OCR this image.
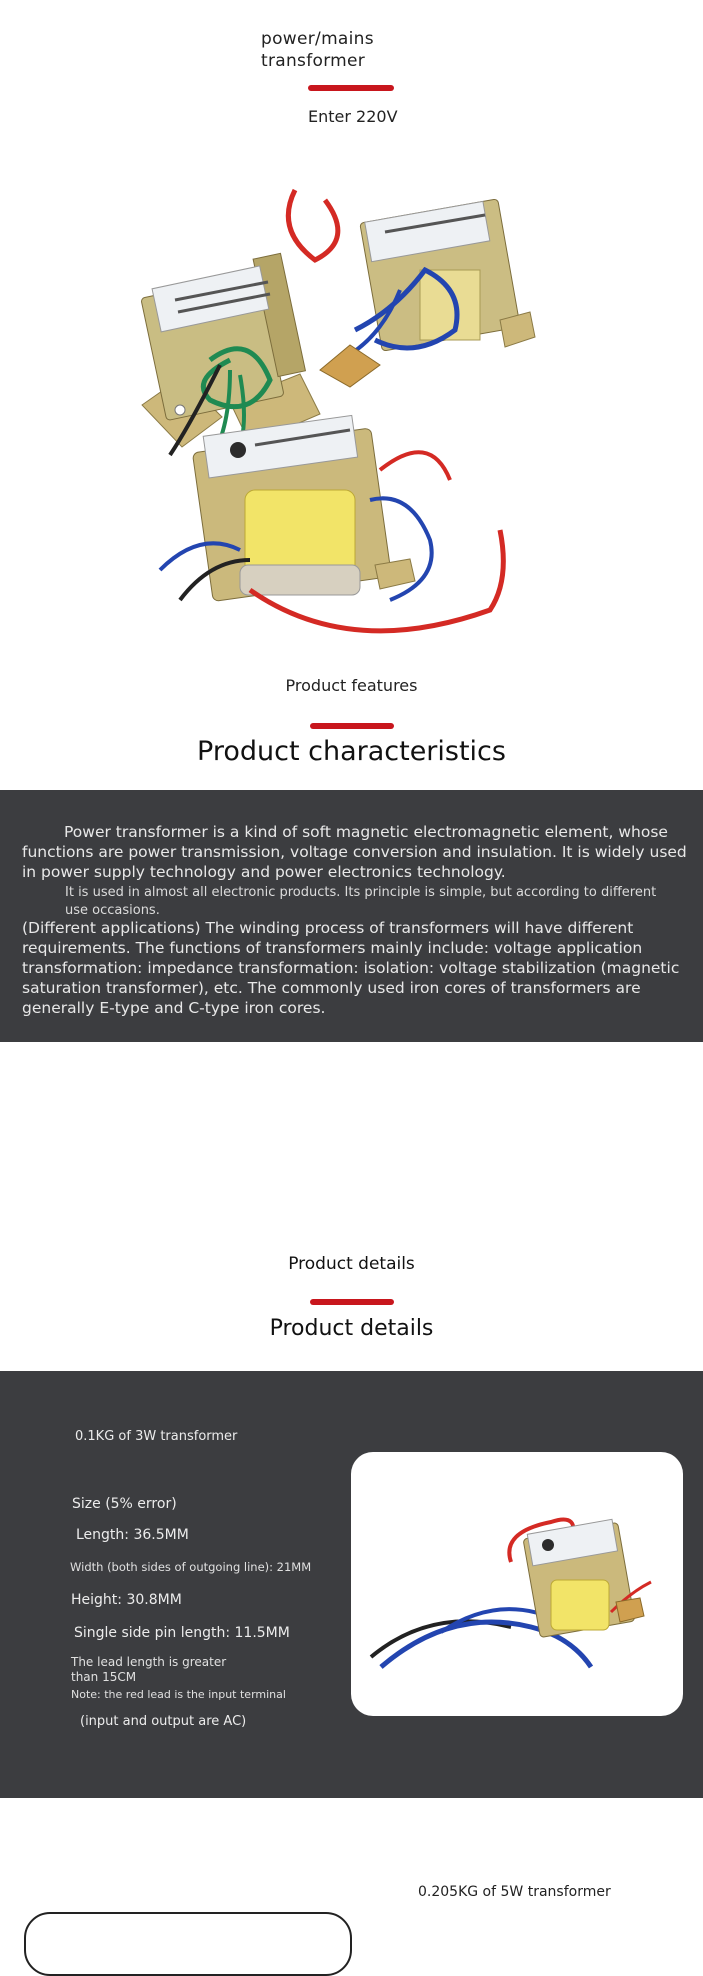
power/mains
transformer
Enter 220V
Product features
Product characteristics
Power transformer is a kind of soft magnetic electromagnetic element, whose functions are power transmission, voltage conversion and insulation. It is widely used in power supply technology and power electronics technology.
It is used in almost all electronic products. Its principle is simple, but according to different use occasions.
(Different applications) The winding process of transformers will have different requirements. The functions of transformers mainly include: voltage application transformation: impedance transformation: isolation: voltage stabilization (magnetic saturation transformer), etc. The commonly used iron cores of transformers are generally E-type and C-type iron cores.
Product details
Product details
0.1KG of 3W transformer
Size (5% error)
Length: 36.5MM
Width (both sides of outgoing line): 21MM
Height: 30.8MM
Single side pin length: 11.5MM
The lead length is greater
than 15CM
Note: the red lead is the input terminal
(input and output are AC)
0.205KG of 5W transformer
